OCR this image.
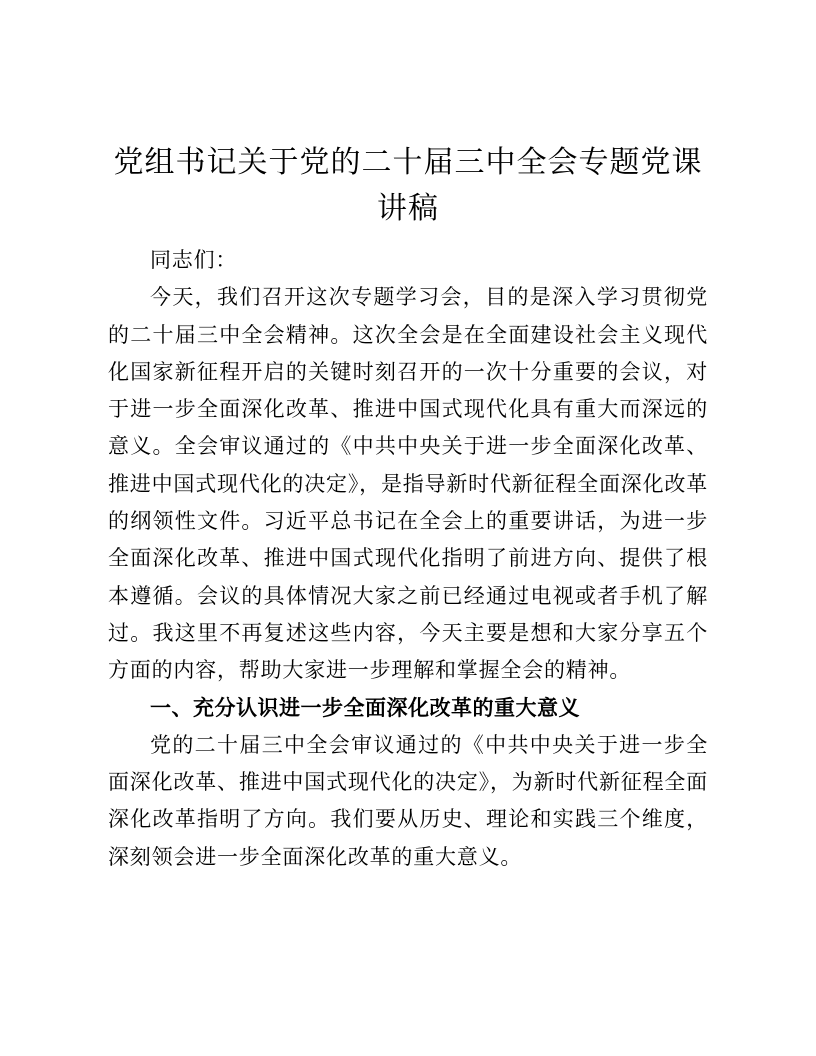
党组书记关于党的二十届三中全会专题党课讲稿

同志们：

今天，我们召开这次专题学习会，目的是深入学习贯彻党的二十届三中全会精神。这次全会是在全面建设社会主义现代化国家新征程开启的关键时刻召开的一次十分重要的会议，对于进一步全面深化改革、推进中国式现代化具有重大而深远的意义。全会审议通过的《中共中央关于进一步全面深化改革、推进中国式现代化的决定》，是指导新时代新征程全面深化改革的纲领性文件。习近平总书记在全会上的重要讲话，为进一步全面深化改革、推进中国式现代化指明了前进方向、提供了根本遵循。会议的具体情况大家之前已经通过电视或者手机了解过。我这里不再复述这些内容，今天主要是想和大家分享五个方面的内容，帮助大家进一步理解和掌握全会的精神。

一、充分认识进一步全面深化改革的重大意义

党的二十届三中全会审议通过的《中共中央关于进一步全面深化改革、推进中国式现代化的决定》，为新时代新征程全面深化改革指明了方向。我们要从历史、理论和实践三个维度，深刻领会进一步全面深化改革的重大意义。
